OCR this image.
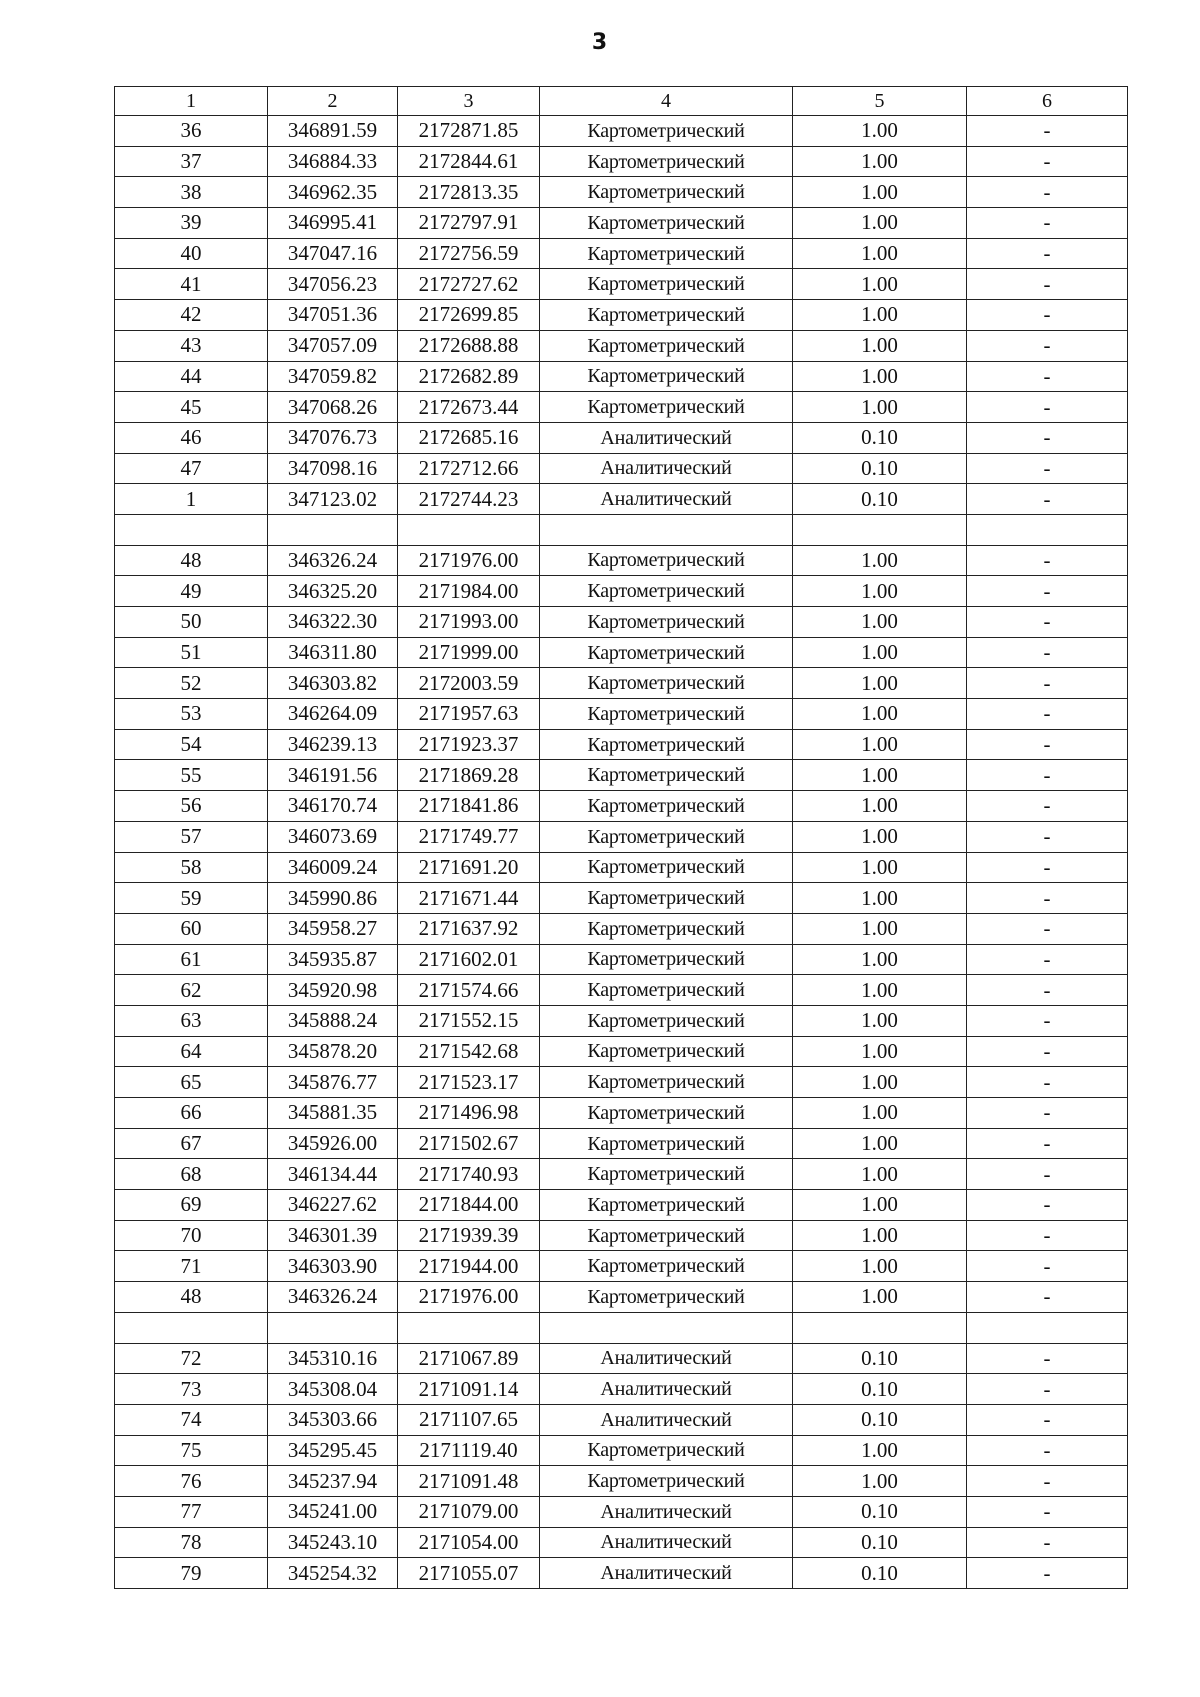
3
1	2	3	4	5	6
36	346891.59	2172871.85	Картометрический	1.00	-
37	346884.33	2172844.61	Картометрический	1.00	-
38	346962.35	2172813.35	Картометрический	1.00	-
39	346995.41	2172797.91	Картометрический	1.00	-
40	347047.16	2172756.59	Картометрический	1.00	-
41	347056.23	2172727.62	Картометрический	1.00	-
42	347051.36	2172699.85	Картометрический	1.00	-
43	347057.09	2172688.88	Картометрический	1.00	-
44	347059.82	2172682.89	Картометрический	1.00	-
45	347068.26	2172673.44	Картометрический	1.00	-
46	347076.73	2172685.16	Аналитический	0.10	-
47	347098.16	2172712.66	Аналитический	0.10	-
1	347123.02	2172744.23	Аналитический	0.10	-

48	346326.24	2171976.00	Картометрический	1.00	-
49	346325.20	2171984.00	Картометрический	1.00	-
50	346322.30	2171993.00	Картометрический	1.00	-
51	346311.80	2171999.00	Картометрический	1.00	-
52	346303.82	2172003.59	Картометрический	1.00	-
53	346264.09	2171957.63	Картометрический	1.00	-
54	346239.13	2171923.37	Картометрический	1.00	-
55	346191.56	2171869.28	Картометрический	1.00	-
56	346170.74	2171841.86	Картометрический	1.00	-
57	346073.69	2171749.77	Картометрический	1.00	-
58	346009.24	2171691.20	Картометрический	1.00	-
59	345990.86	2171671.44	Картометрический	1.00	-
60	345958.27	2171637.92	Картометрический	1.00	-
61	345935.87	2171602.01	Картометрический	1.00	-
62	345920.98	2171574.66	Картометрический	1.00	-
63	345888.24	2171552.15	Картометрический	1.00	-
64	345878.20	2171542.68	Картометрический	1.00	-
65	345876.77	2171523.17	Картометрический	1.00	-
66	345881.35	2171496.98	Картометрический	1.00	-
67	345926.00	2171502.67	Картометрический	1.00	-
68	346134.44	2171740.93	Картометрический	1.00	-
69	346227.62	2171844.00	Картометрический	1.00	-
70	346301.39	2171939.39	Картометрический	1.00	-
71	346303.90	2171944.00	Картометрический	1.00	-
48	346326.24	2171976.00	Картометрический	1.00	-

72	345310.16	2171067.89	Аналитический	0.10	-
73	345308.04	2171091.14	Аналитический	0.10	-
74	345303.66	2171107.65	Аналитический	0.10	-
75	345295.45	2171119.40	Картометрический	1.00	-
76	345237.94	2171091.48	Картометрический	1.00	-
77	345241.00	2171079.00	Аналитический	0.10	-
78	345243.10	2171054.00	Аналитический	0.10	-
79	345254.32	2171055.07	Аналитический	0.10	-
